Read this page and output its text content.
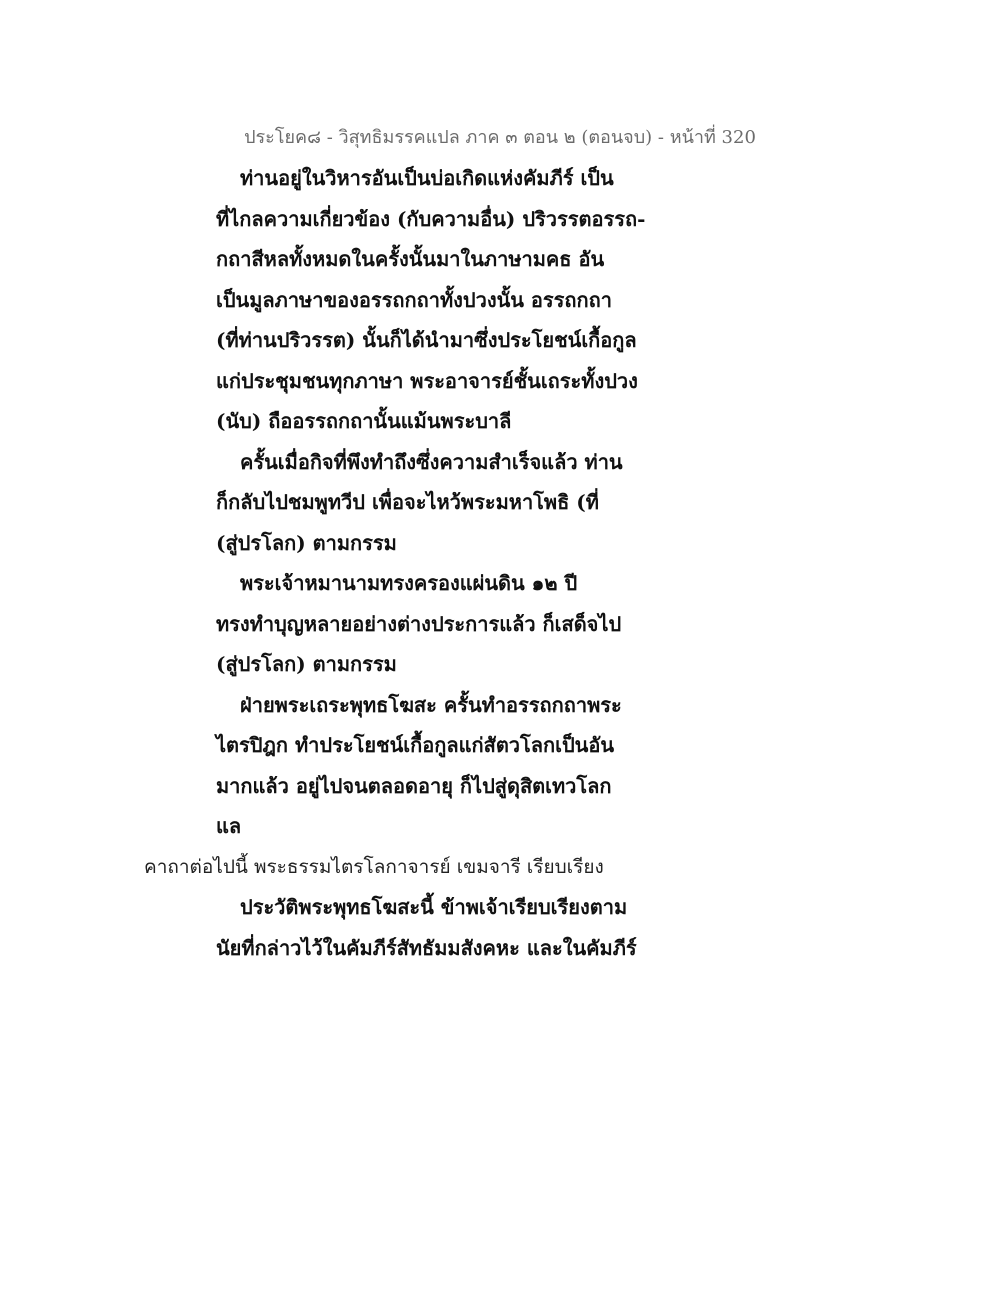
ประโยค๘ - วิสุทธิมรรคแปล ภาค ๓ ตอน ๒ (ตอนจบ) - หน้าที่ 320
ท่านอยู่ในวิหารอันเป็นบ่อเกิดแห่งคัมภีร์ เป็น
ที่ไกลความเกี่ยวข้อง (กับความอื่น) ปริวรรตอรรถ-
กถาสีหลทั้งหมดในครั้งนั้นมาในภาษามคธ อัน
เป็นมูลภาษาของอรรถกถาทั้งปวงนั้น อรรถกถา
(ที่ท่านปริวรรต) นั้นก็ได้นำมาซึ่งประโยชน์เกื้อกูล
แก่ประชุมชนทุกภาษา พระอาจารย์ชั้นเถระทั้งปวง
(นับ) ถืออรรถกถานั้นแม้นพระบาลี
ครั้นเมื่อกิจที่พึงทำถึงซึ่งความสำเร็จแล้ว ท่าน
ก็กลับไปชมพูทวีป เพื่อจะไหว้พระมหาโพธิ (ที่
(สู่ปรโลก) ตามกรรม
พระเจ้าหมานามทรงครองแผ่นดิน ๑๒ ปี
ทรงทำบุญหลายอย่างต่างประการแล้ว ก็เสด็จไป
(สู่ปรโลก) ตามกรรม
ฝ่ายพระเถระพุทธโฆสะ ครั้นทำอรรถกถาพระ
ไตรปิฎก ทำประโยชน์เกื้อกูลแก่สัตวโลกเป็นอัน
มากแล้ว อยู่ไปจนตลอดอายุ ก็ไปสู่ดุสิตเทวโลก
แล
คาถาต่อไปนี้ พระธรรมไตรโลกาจารย์ เขมจารี เรียบเรียง
ประวัติพระพุทธโฆสะนี้ ข้าพเจ้าเรียบเรียงตาม
นัยที่กล่าวไว้ในคัมภีร์สัทธัมมสังคหะ และในคัมภีร์
